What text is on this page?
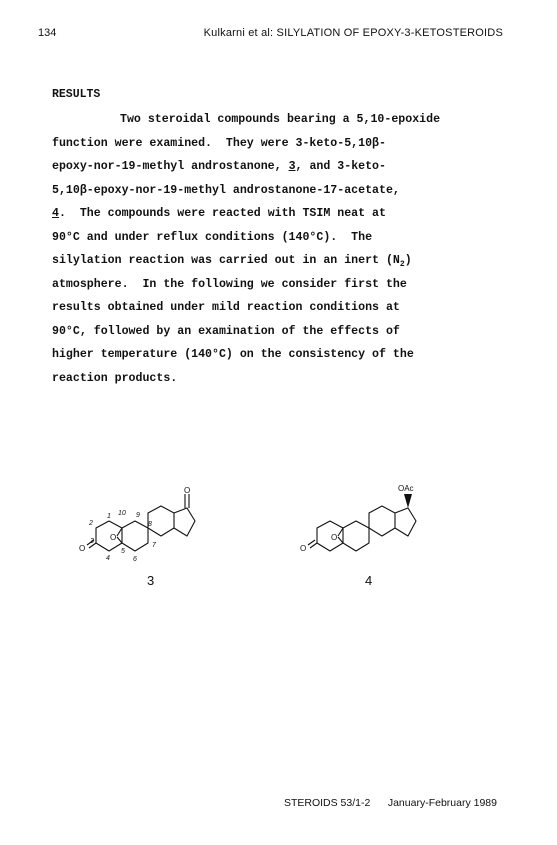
134	Kulkarni et al: SILYLATION OF EPOXY-3-KETOSTEROIDS
RESULTS
Two steroidal compounds bearing a 5,10-epoxide
function were examined.  They were 3-keto-5,10β-
epoxy-nor-19-methyl androstanone, 3, and 3-keto-
5,10β-epoxy-nor-19-methyl androstanone-17-acetate,
4.  The compounds were reacted with TSIM neat at
90°C and under reflux conditions (140°C).  The
silylation reaction was carried out in an inert $(N_2)$
atmosphere.  In the following we consider first the
results obtained under mild reaction conditions at
90°C, followed by an examination of the effects of
higher temperature (140°C) on the consistency of the
reaction products.
O
O
O
1
2
3
4
5
6
7
8
9
10
OAc
O
O
3	4
STEROIDS 53/1-2 January-February 1989
